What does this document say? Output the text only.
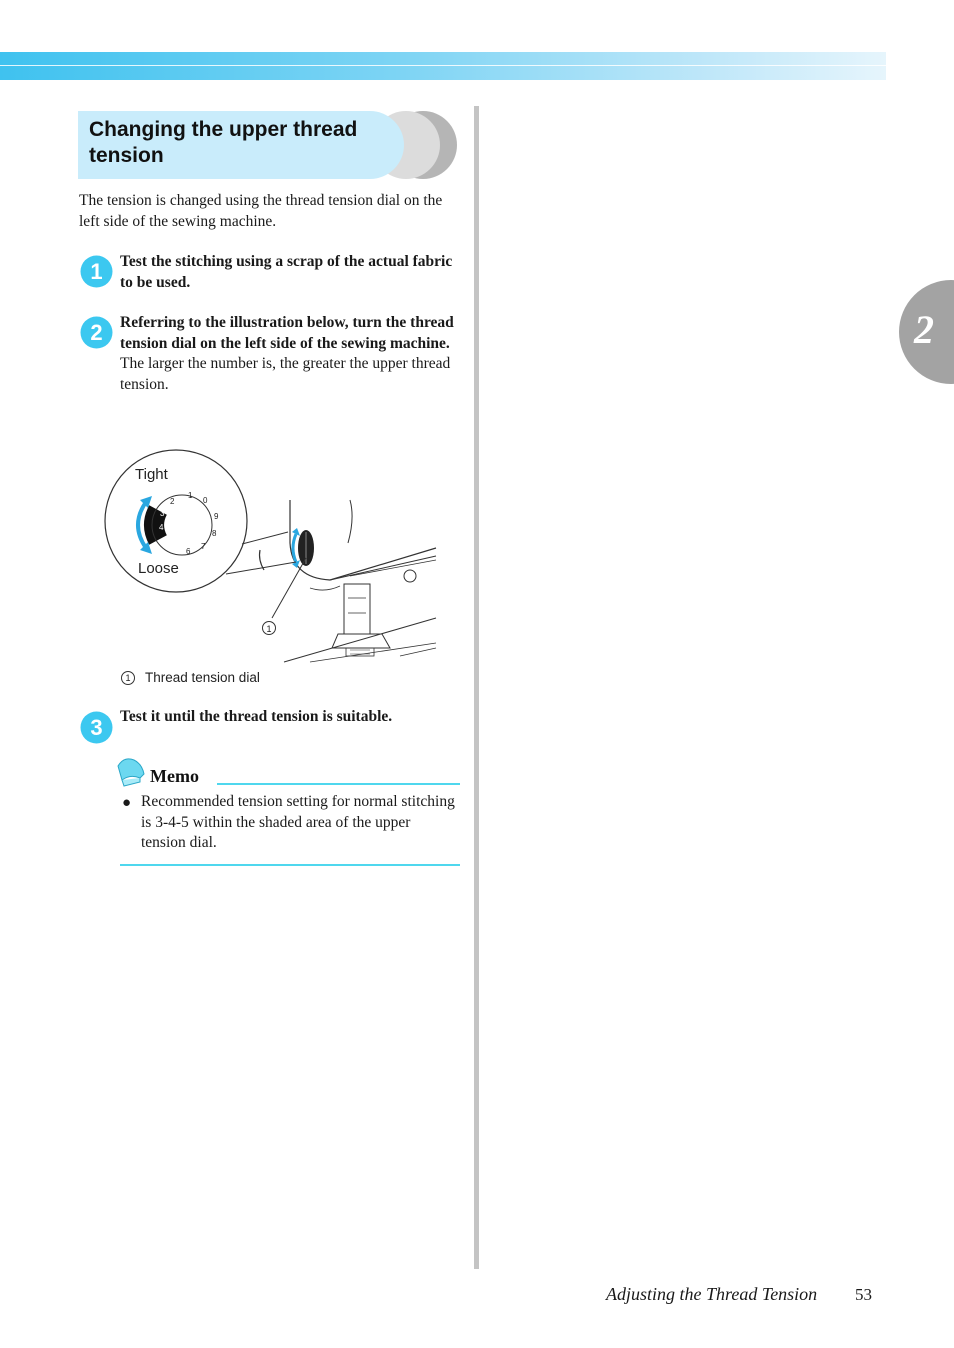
2
Changing the upper thread tension
The tension is changed using the thread tension dial on the left side of the sewing machine.
1 Test the stitching using a scrap of the actual fabric to be used.
2 Referring to the illustration below, turn the thread tension dial on the left side of the sewing machine.
The larger the number is, the greater the upper thread tension.
1
0
1
2
3
4
5
6
7
8
9
Tight
Loose
1 Thread tension dial
3 Test it until the thread tension is suitable.
Memo
● Recommended tension setting for normal stitching is 3-4-5 within the shaded area of the upper tension dial.
Adjusting the Thread Tension 53
